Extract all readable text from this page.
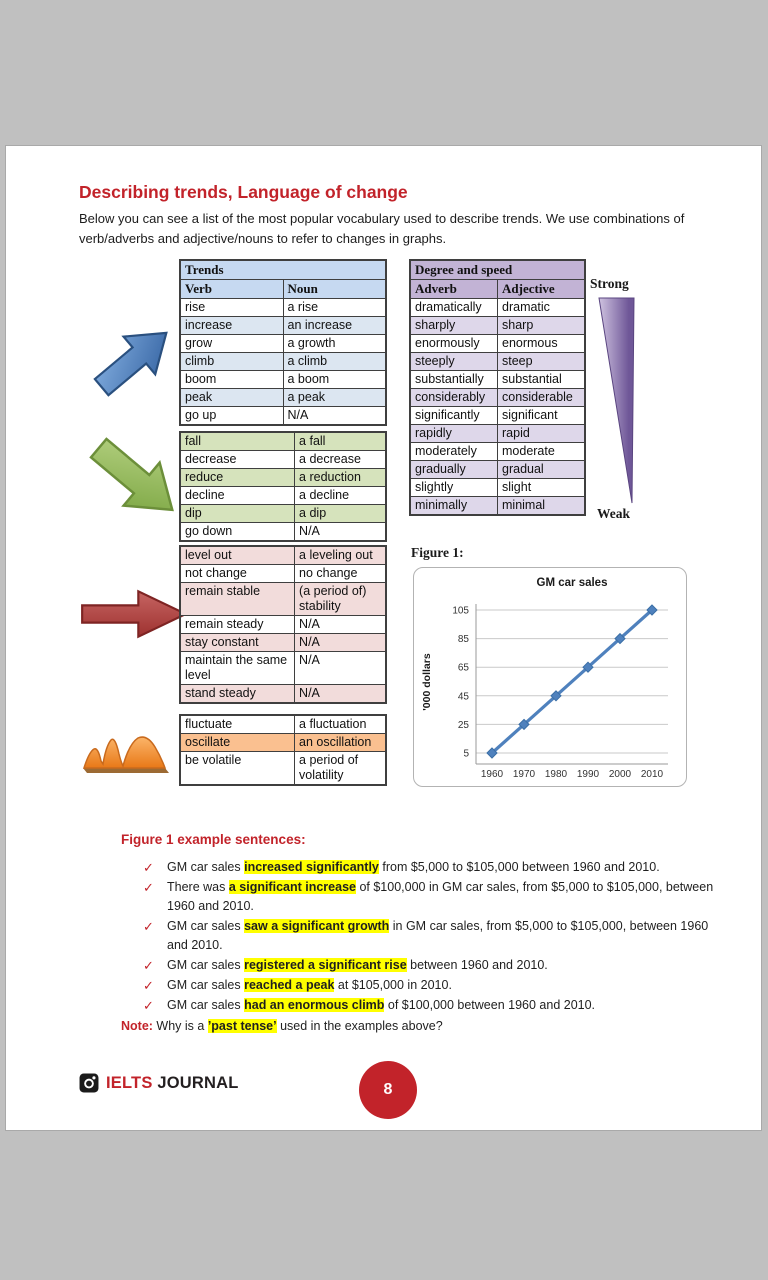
Describing trends, Language of change

Below you can see a list of the most popular vocabulary used to describe trends. We use combinations of verb/adverbs and adjective/nouns to refer to changes in graphs.

Trends	
Verb	Noun
rise	a rise
increase	an increase
grow	a growth
climb	a climb
boom	a boom
peak	a peak
go up	N/A
fall	a fall
decrease	a decrease
reduce	a reduction
decline	a decline
dip	a dip
go down	N/A
level out	a leveling out
not change	no change
remain stable	(a period of) stability
remain steady	N/A
stay constant	N/A
maintain the same level	N/A
stand steady	N/A
fluctuate	a fluctuation
oscillate	an oscillation
be volatile	a period of volatility
Degree and speed	
Adverb	Adjective
dramatically	dramatic
sharply	sharp
enormously	enormous
steeply	steep
substantially	substantial
considerably	considerable
significantly	significant
rapidly	rapid
moderately	moderate
gradually	gradual
slightly	slight
minimally	minimal
Strong
Weak
Figure 1:
5
25
45
65
85
105
1960 1970 1980 1990 2000 2010
GM car sales
'000 dollars
Figure 1 example sentences:
✓ GM car sales increased significantly from $5,000 to $105,000 between 1960 and 2010.
✓ There was a significant increase of $100,000 in GM car sales, from $5,000 to $105,000, between 1960 and 2010.
✓ GM car sales saw a significant growth in GM car sales, from $5,000 to $105,000, between 1960 and 2010.
✓ GM car sales registered a significant rise between 1960 and 2010.
✓ GM car sales reached a peak at $105,000 in 2010.
✓ GM car sales had an enormous climb of $100,000 between 1960 and 2010.
Note: Why is a ’past tense’ used in the examples above?
IELTS JOURNAL	8
